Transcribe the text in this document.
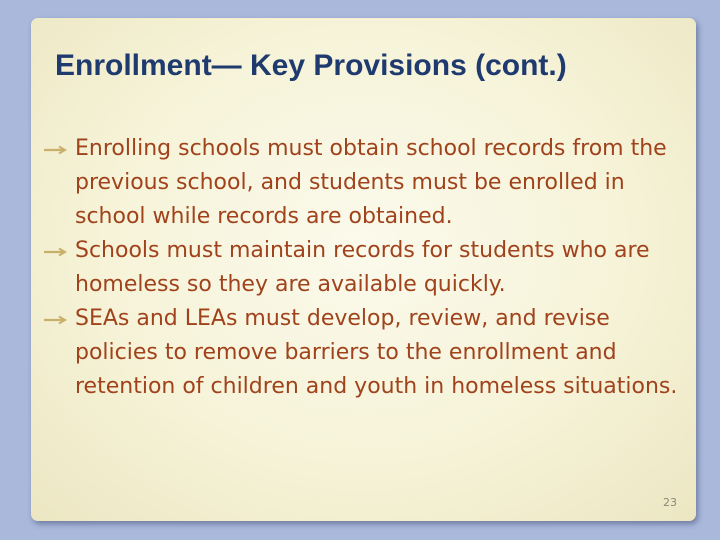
Enrollment— Key Provisions (cont.)
Enrolling schools must obtain school records from the previous school, and students must be enrolled in school while records are obtained.
Schools must maintain records for students who are homeless so they are available quickly.
SEAs and LEAs must develop, review, and revise policies to remove barriers to the enrollment and retention of children and youth in homeless situations.
23
